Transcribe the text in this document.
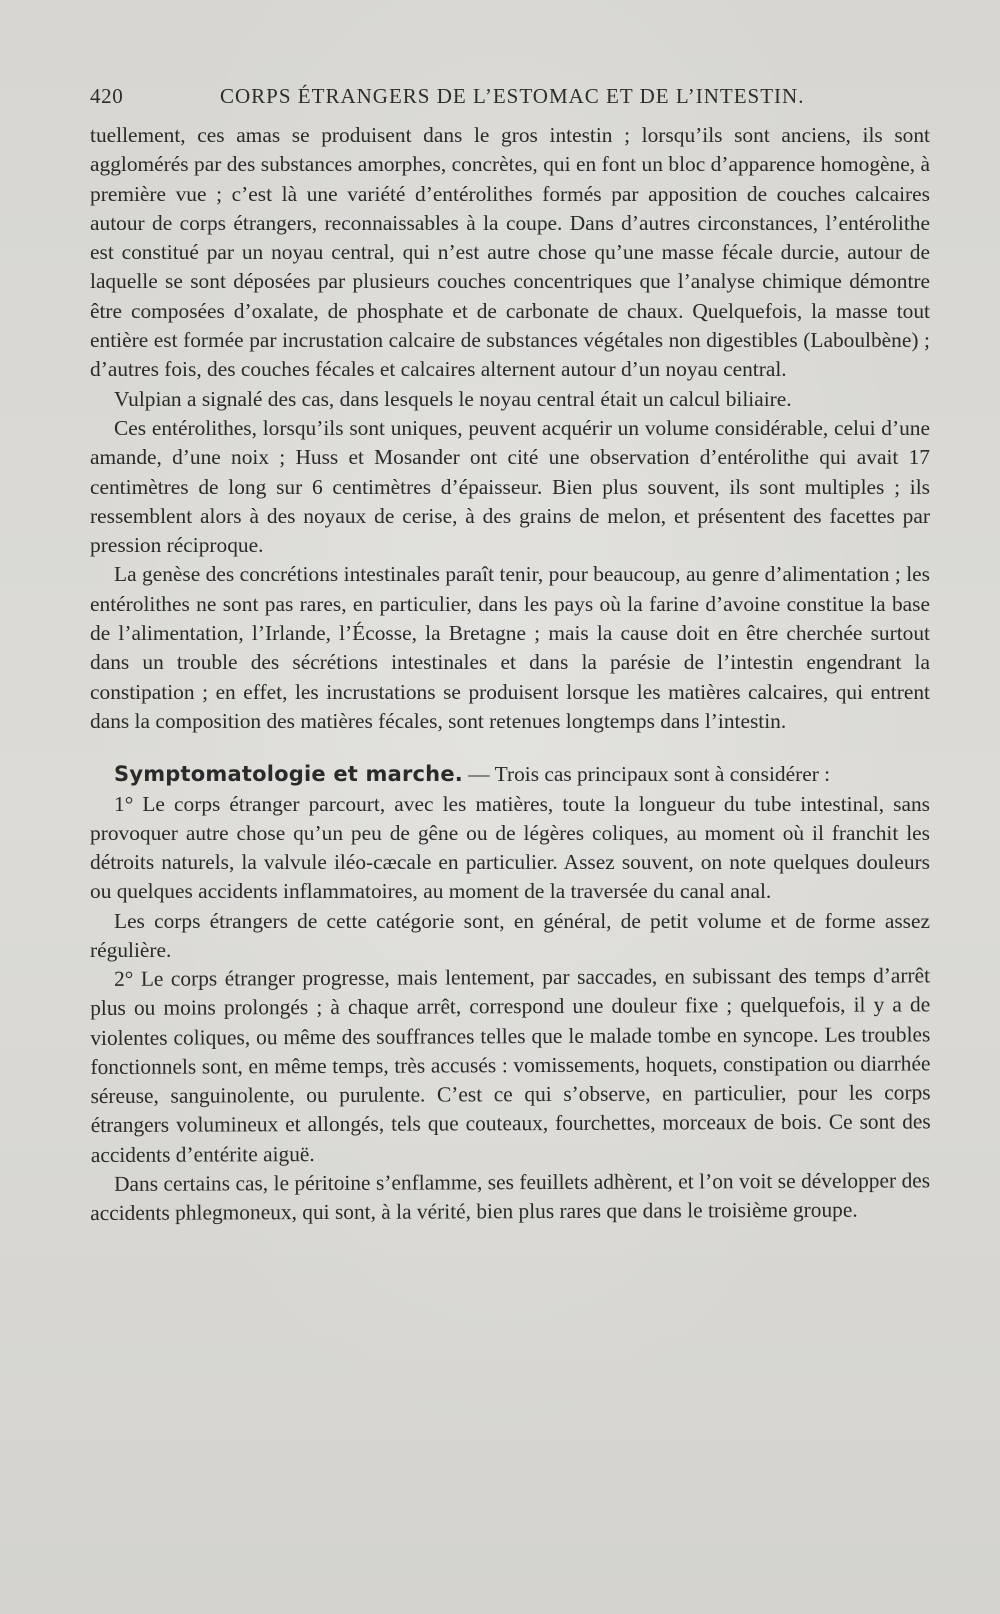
420	CORPS ÉTRANGERS DE L’ESTOMAC ET DE L’INTESTIN.

tuellement, ces amas se produisent dans le gros intestin ; lorsqu’ils sont anciens, ils sont agglomérés par des substances amorphes, concrètes, qui en font un bloc d’apparence homogène, à première vue ; c’est là une variété d’entérolithes formés par apposition de couches calcaires autour de corps étrangers, reconnaissables à la coupe. Dans d’autres circonstances, l’entérolithe est constitué par un noyau central, qui n’est autre chose qu’une masse fécale durcie, autour de laquelle se sont déposées par plusieurs couches concentriques que l’analyse chimique démontre être composées d’oxalate, de phosphate et de carbonate de chaux. Quelquefois, la masse tout entière est formée par incrustation calcaire de substances végétales non digestibles (Laboulbène) ; d’autres fois, des couches fécales et calcaires alternent autour d’un noyau central.

Vulpian a signalé des cas, dans lesquels le noyau central était un calcul biliaire.

Ces entérolithes, lorsqu’ils sont uniques, peuvent acquérir un volume considérable, celui d’une amande, d’une noix ; Huss et Mosander ont cité une observation d’entérolithe qui avait 17 centimètres de long sur 6 centimètres d’épaisseur. Bien plus souvent, ils sont multiples ; ils ressemblent alors à des noyaux de cerise, à des grains de melon, et présentent des facettes par pression réciproque.

La genèse des concrétions intestinales paraît tenir, pour beaucoup, au genre d’alimentation ; les entérolithes ne sont pas rares, en particulier, dans les pays où la farine d’avoine constitue la base de l’alimentation, l’Irlande, l’Écosse, la Bretagne ; mais la cause doit en être cherchée surtout dans un trouble des sécrétions intestinales et dans la parésie de l’intestin engendrant la constipation ; en effet, les incrustations se produisent lorsque les matières calcaires, qui entrent dans la composition des matières fécales, sont retenues longtemps dans l’intestin.

Symptomatologie et marche. — Trois cas principaux sont à considérer :

1° Le corps étranger parcourt, avec les matières, toute la longueur du tube intestinal, sans provoquer autre chose qu’un peu de gêne ou de légères coliques, au moment où il franchit les détroits naturels, la valvule iléo-cæcale en particulier. Assez souvent, on note quelques douleurs ou quelques accidents inflammatoires, au moment de la traversée du canal anal.

Les corps étrangers de cette catégorie sont, en général, de petit volume et de forme assez régulière.

2° Le corps étranger progresse, mais lentement, par saccades, en subissant des temps d’arrêt plus ou moins prolongés ; à chaque arrêt, correspond une douleur fixe ; quelquefois, il y a de violentes coliques, ou même des souffrances telles que le malade tombe en syncope. Les troubles fonctionnels sont, en même temps, très accusés : vomissements, hoquets, constipation ou diarrhée séreuse, sanguinolente, ou purulente. C’est ce qui s’observe, en particulier, pour les corps étrangers volumineux et allongés, tels que couteaux, fourchettes, morceaux de bois. Ce sont des accidents d’entérite aiguë.

Dans certains cas, le péritoine s’enflamme, ses feuillets adhèrent, et l’on voit se développer des accidents phlegmoneux, qui sont, à la vérité, bien plus rares que dans le troisième groupe.
